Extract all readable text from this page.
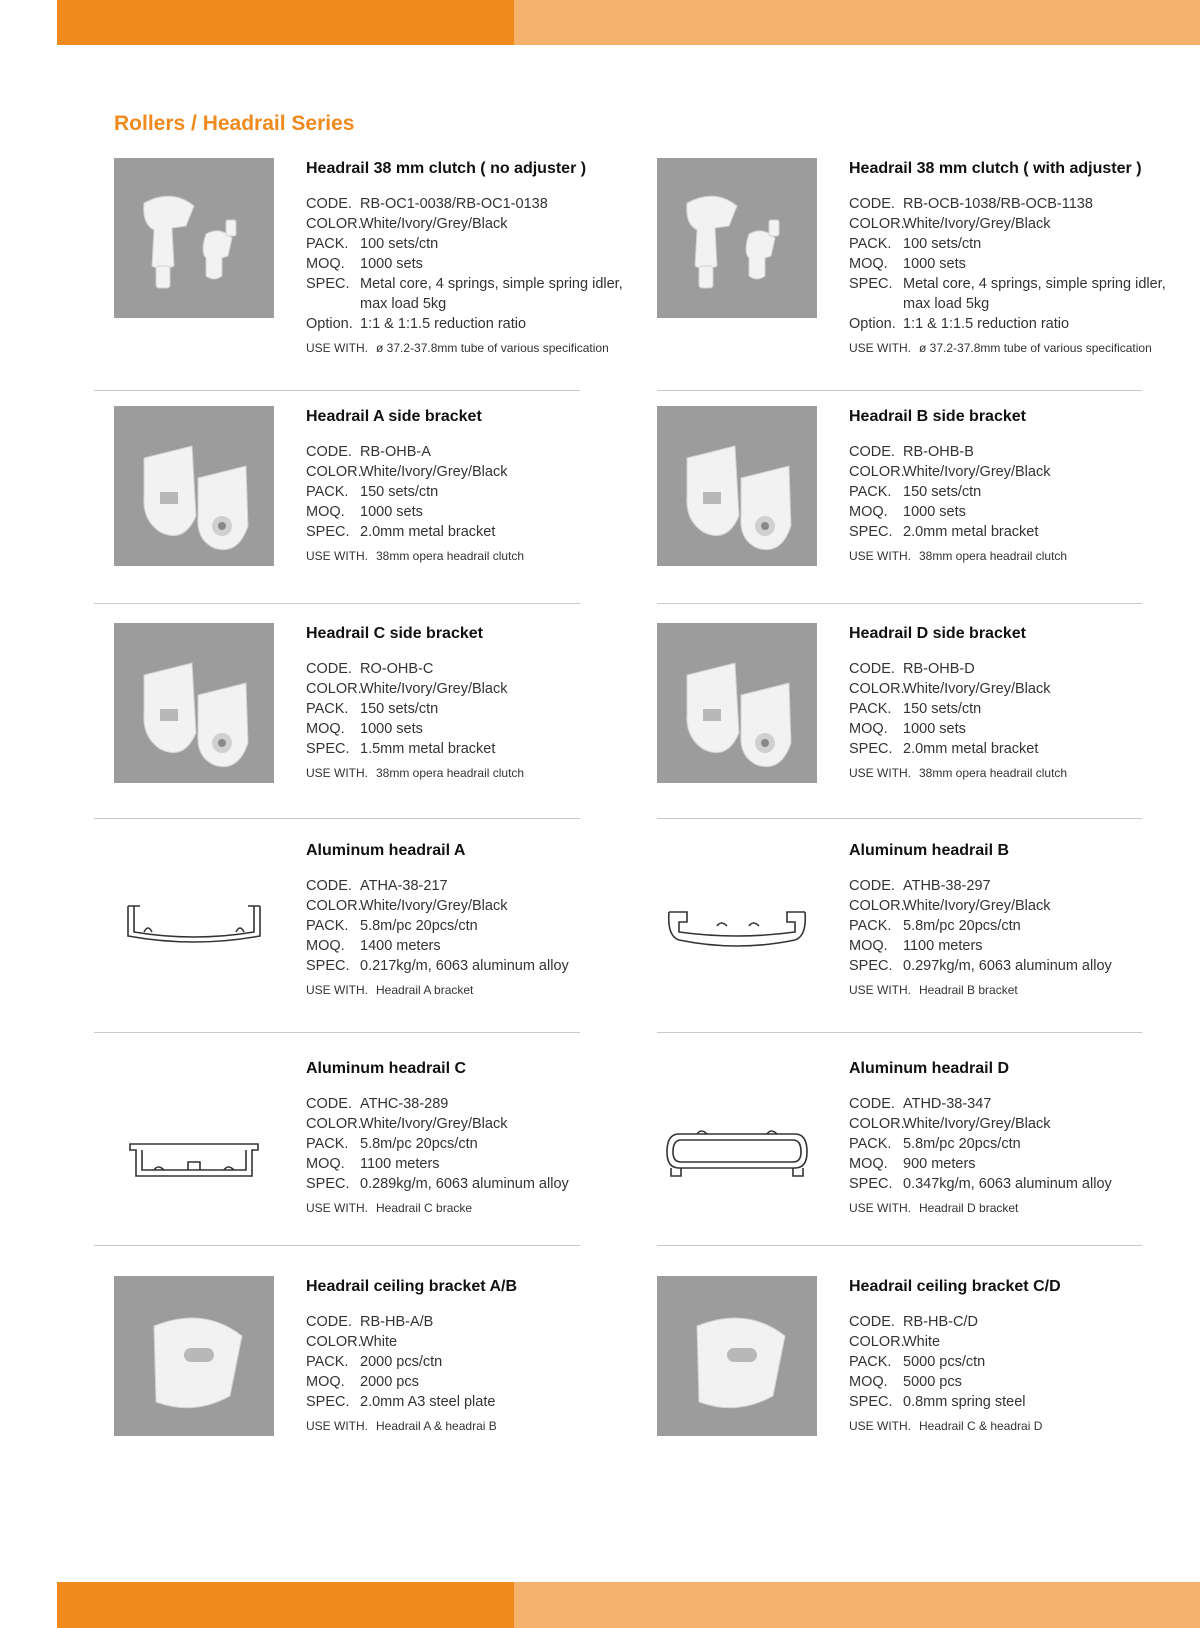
Rollers / Headrail Series
Headrail 38 mm clutch ( no adjuster )
CODE. RB-OC1-0038/RB-OC1-0138
COLOR.
White/Ivory/Grey/Black
PACK. 100 sets/ctn
MOQ.	1000 sets
SPEC. Metal core, 4 springs, simple spring idler, max load 5kg
Option. 1:1 & 1:1.5 reduction ratio
USE WITH. ø 37.2-37.8mm tube of various specification
Headrail 38 mm clutch ( with adjuster )
CODE. RB-OCB-1038/RB-OCB-1138
COLOR.
White/Ivory/Grey/Black
PACK. 100 sets/ctn
MOQ.	1000 sets
SPEC. Metal core, 4 springs, simple spring idler, max load 5kg
Option. 1:1 & 1:1.5 reduction ratio
USE WITH. ø 37.2-37.8mm tube of various specification
Headrail A side bracket
CODE. RB-OHB-A
COLOR.
White/Ivory/Grey/Black
PACK. 150 sets/ctn
MOQ.	1000 sets
SPEC. 2.0mm metal bracket
USE WITH. 38mm opera headrail clutch
Headrail B side bracket
CODE. RB-OHB-B
COLOR.
White/Ivory/Grey/Black
PACK. 150 sets/ctn
MOQ.	1000 sets
SPEC. 2.0mm metal bracket
USE WITH. 38mm opera headrail clutch
Headrail C side bracket
CODE. RO-OHB-C
COLOR.
White/Ivory/Grey/Black
PACK. 150 sets/ctn
MOQ.	1000 sets
SPEC. 1.5mm metal bracket
USE WITH. 38mm opera headrail clutch
Headrail D side bracket
CODE. RB-OHB-D
COLOR.
White/Ivory/Grey/Black
PACK. 150 sets/ctn
MOQ.	1000 sets
SPEC. 2.0mm metal bracket
USE WITH. 38mm opera headrail clutch
Aluminum headrail A
CODE. ATHA-38-217
COLOR.
White/Ivory/Grey/Black
PACK. 5.8m/pc 20pcs/ctn
MOQ.	1400 meters
SPEC. 0.217kg/m, 6063 aluminum alloy
USE WITH. Headrail A bracket
Aluminum headrail B
CODE. ATHB-38-297
COLOR.
White/Ivory/Grey/Black
PACK. 5.8m/pc 20pcs/ctn
MOQ.	1100 meters
SPEC. 0.297kg/m, 6063 aluminum alloy
USE WITH. Headrail B bracket
Aluminum headrail C
CODE. ATHC-38-289
COLOR.
White/Ivory/Grey/Black
PACK. 5.8m/pc 20pcs/ctn
MOQ.	1100 meters
SPEC. 0.289kg/m, 6063 aluminum alloy
USE WITH. Headrail C bracke
Aluminum headrail D
CODE. ATHD-38-347
COLOR.
White/Ivory/Grey/Black
PACK. 5.8m/pc 20pcs/ctn
MOQ.	900 meters
SPEC. 0.347kg/m, 6063 aluminum alloy
USE WITH. Headrail D bracket
Headrail ceiling bracket A/B
CODE. RB-HB-A/B
COLOR.
White
PACK. 2000 pcs/ctn
MOQ.	2000 pcs
SPEC. 2.0mm A3 steel plate
USE WITH. Headrail A & headrai B
Headrail ceiling bracket C/D
CODE. RB-HB-C/D
COLOR.
White
PACK. 5000 pcs/ctn
MOQ.	5000 pcs
SPEC. 0.8mm spring steel
USE WITH. Headrail C & headrai D
